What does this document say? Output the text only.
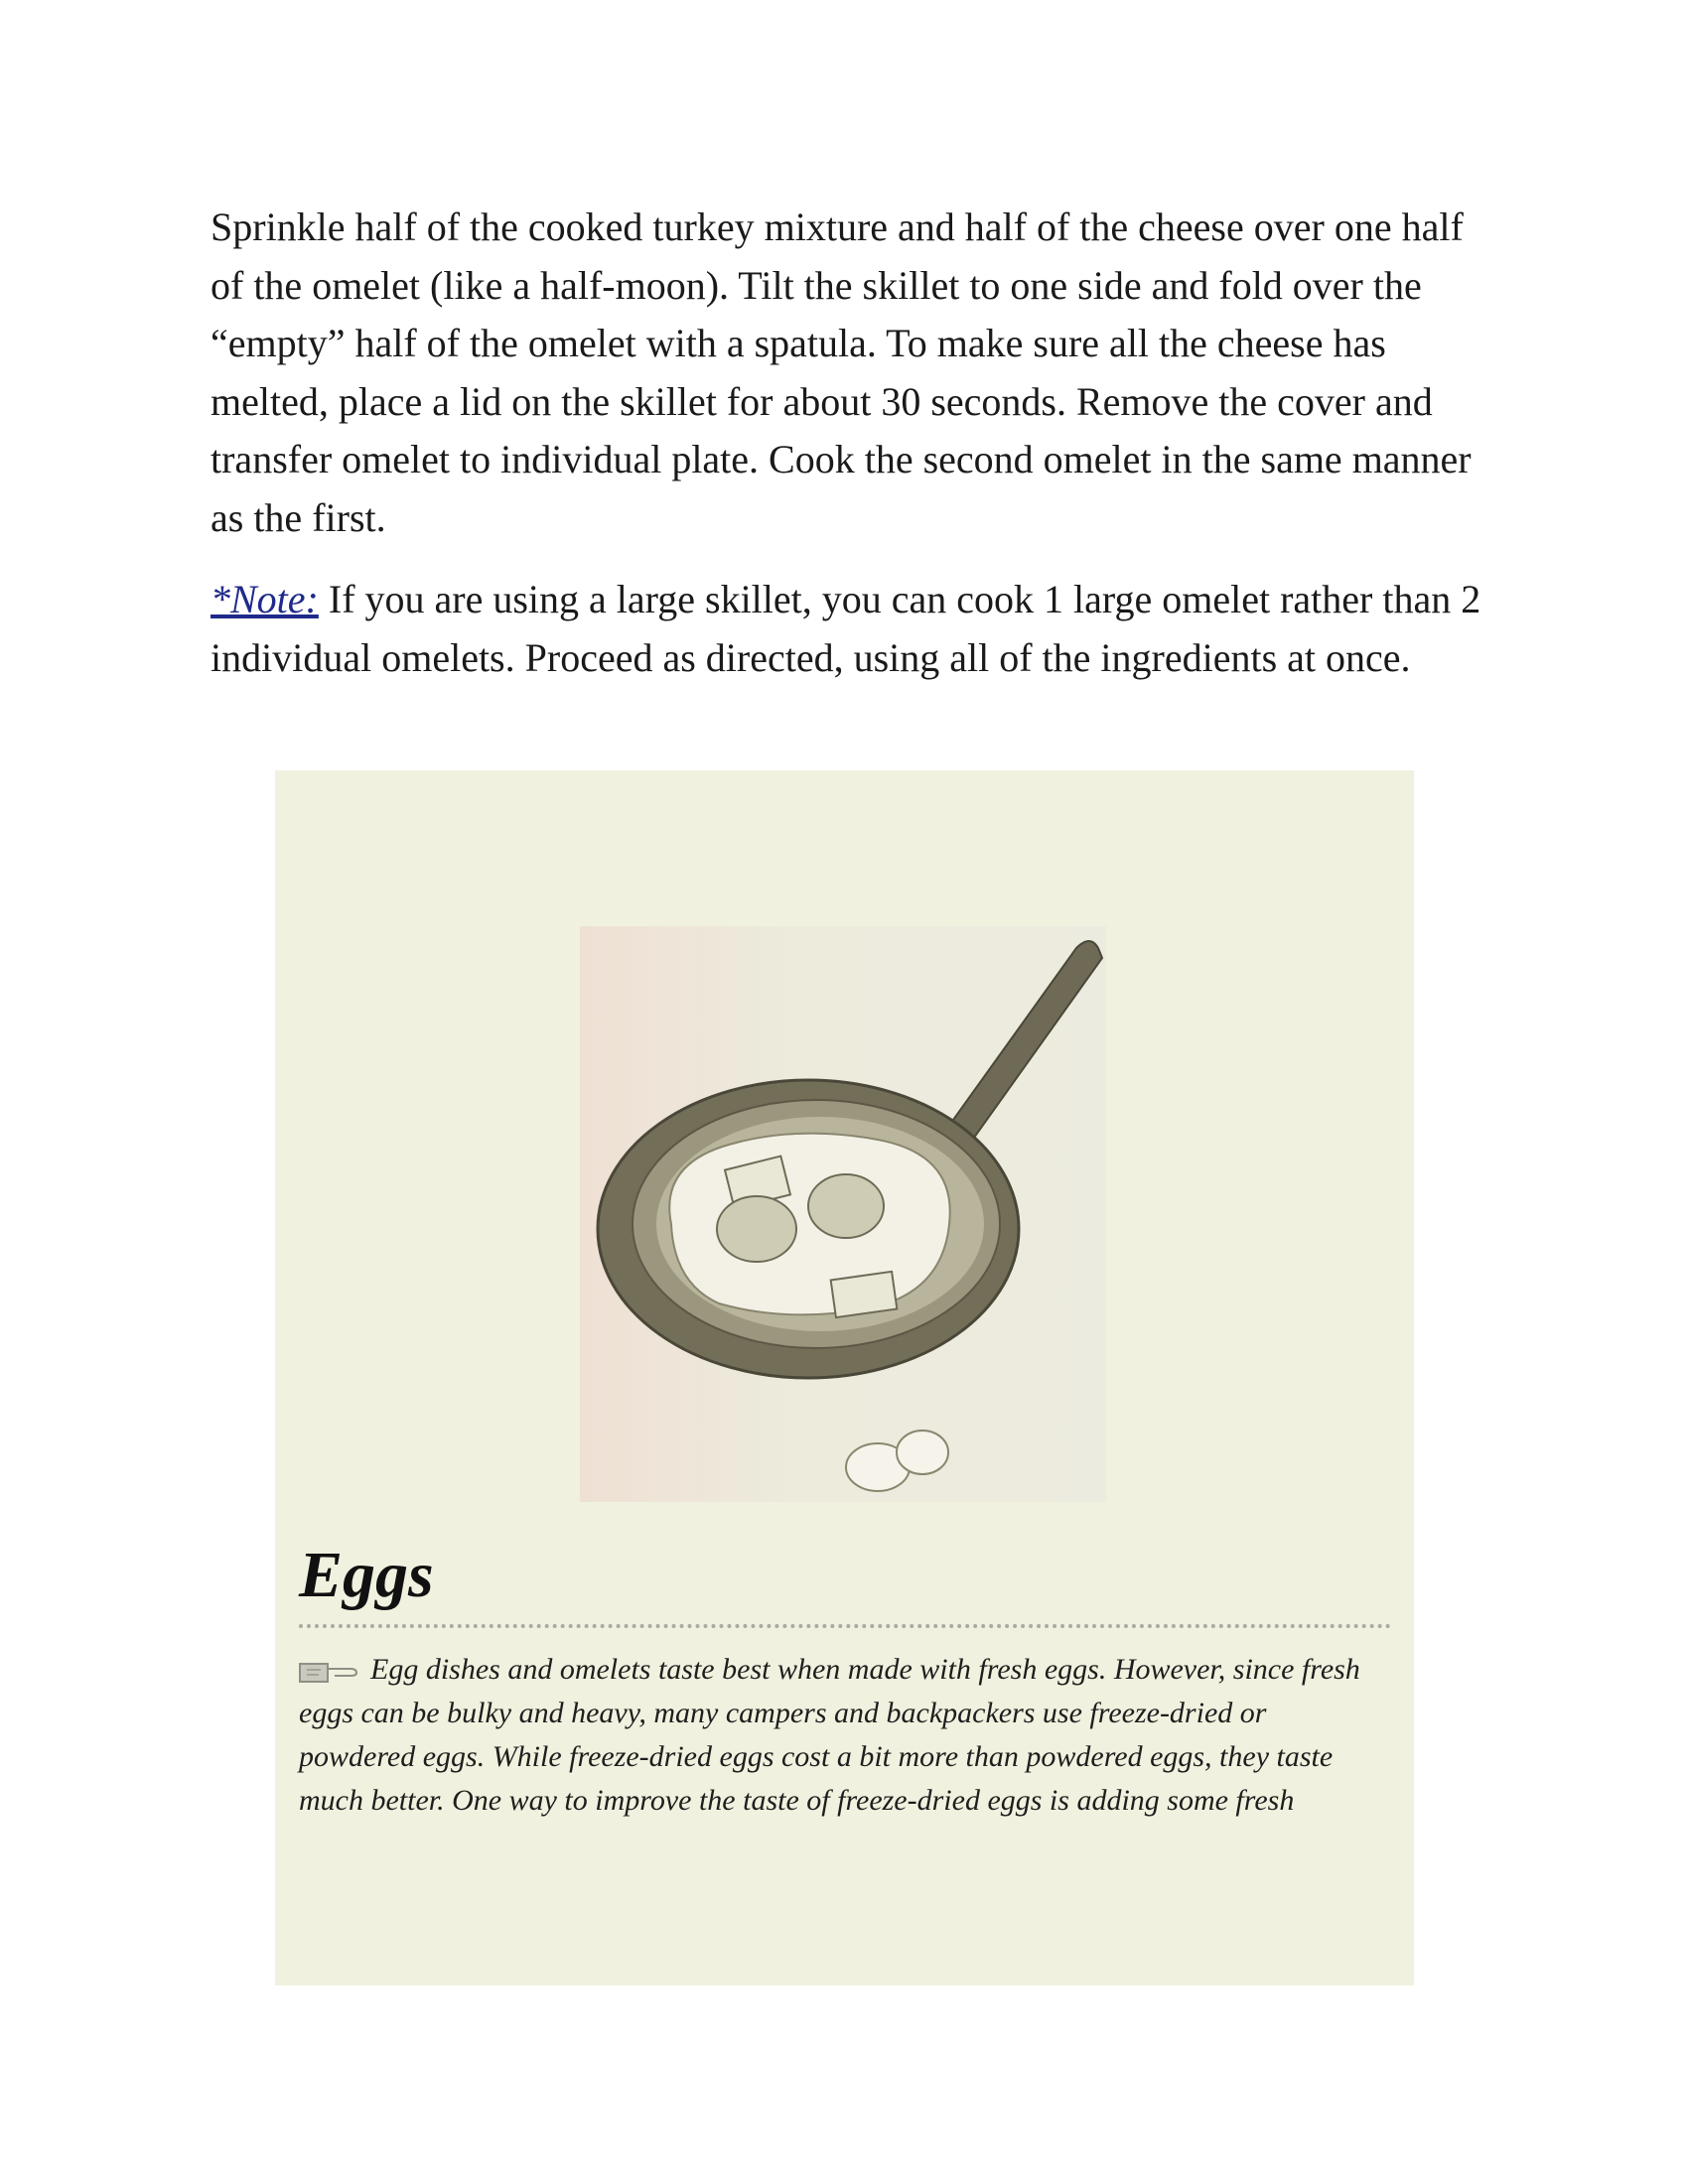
Sprinkle half of the cooked turkey mixture and half of the cheese over one half of the omelet (like a half-moon). Tilt the skillet to one side and fold over the “empty” half of the omelet with a spatula. To make sure all the cheese has melted, place a lid on the skillet for about 30 seconds. Remove the cover and transfer omelet to individual plate. Cook the second omelet in the same manner as the first.

*Note: If you are using a large skillet, you can cook 1 large omelet rather than 2 individual omelets. Proceed as directed, using all of the ingredients at once.

Eggs

Egg dishes and omelets taste best when made with fresh eggs. However, since fresh eggs can be bulky and heavy, many campers and backpackers use freeze-dried or powdered eggs. While freeze-dried eggs cost a bit more than powdered eggs, they taste much better. One way to improve the taste of freeze-dried eggs is adding some fresh
